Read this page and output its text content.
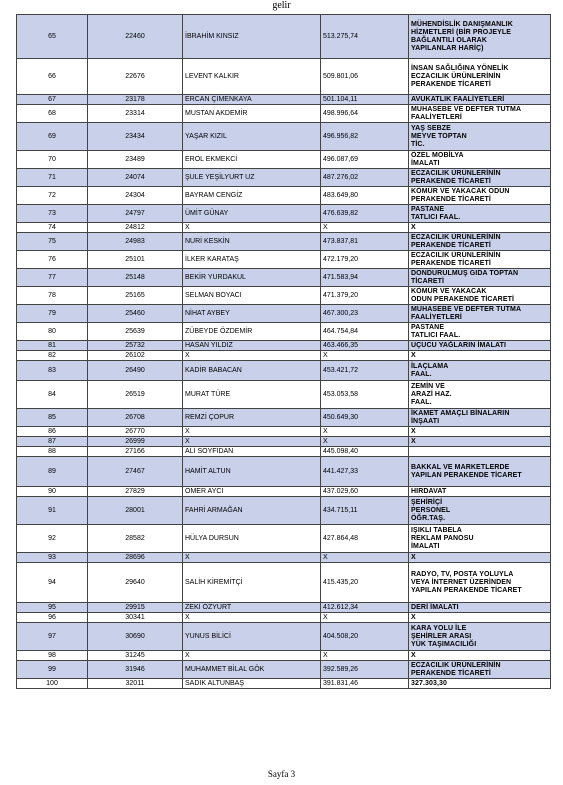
gelir
65	22460	İBRAHİM KINSIZ	513.275,74	MÜHENDİSLİK DANIŞMANLIK
HİZMETLERİ (BİR PROJEYLE
BAĞLANTILI OLARAK
YAPILANLAR HARİÇ)

66	22676	LEVENT KALKIR	509.801,06	İNSAN SAĞLIĞINA YÖNELİK
ECZACILIK ÜRÜNLERİNİN
PERAKENDE TİCARETİ

67	23178	ERCAN ÇİMENKAYA	501.104,11	AVUKATLIK FAALİYETLERİ

68	23314	MUSTAN AKDEMİR	498.996,64	MUHASEBE VE DEFTER TUTMA
FAALİYETLERİ

69	23434	YAŞAR KIZIL	496.956,82	YAŞ SEBZE
MEYVE TOPTAN
TİC.

70	23489	EROL EKMEKCİ	496.087,69	ÖZEL MOBİLYA
İMALATI

71	24074	ŞULE YEŞİLYURT UZ	487.276,02	ECZACILIK ÜRÜNLERİNİN
PERAKENDE TİCARETİ

72	24304	BAYRAM CENGİZ	483.649,80	KÖMÜR VE YAKACAK ODUN
PERAKENDE TİCARETİ

73	24797	ÜMİT GÜNAY	476.639,82	PASTANE
TATLICI FAAL.

74	24812	X	X	X

75	24983	NURİ KESKİN	473.837,81	ECZACILIK ÜRÜNLERİNİN
PERAKENDE TİCARETİ

76	25101	İLKER KARATAŞ	472.179,20	ECZACILIK ÜRÜNLERİNİN
PERAKENDE TİCARETİ

77	25148	BEKİR YURDAKUL	471.583,94	DONDURULMUŞ GIDA TOPTAN
TİCARETİ

78	25165	SELMAN BOYACI	471.379,20	KÖMÜR VE YAKACAK
ODUN PERAKENDE TİCARETİ

79	25460	NİHAT AYBEY	467.300,23	MUHASEBE VE DEFTER TUTMA
FAALİYETLERİ

80	25639	ZÜBEYDE ÖZDEMİR	464.754,84	PASTANE
TATLICI FAAL.

81	25732	HASAN YILDIZ	463.466,35	UÇUCU YAĞLARIN İMALATI

82	26102	X	X	X

83	26490	KADİR BABACAN	453.421,72	İLAÇLAMA
FAAL.

84	26519	MURAT TÜRE	453.053,58	ZEMİN VE
ARAZİ HAZ.
FAAL.

85	26708	REMZİ ÇOPUR	450.649,30	İKAMET AMAÇLI BİNALARIN
İNŞAATI

86	26770	X	X	X

87	26999	X	X	X

88	27166	ALİ SOYFİDAN	445.098,40	

89	27467	HAMİT ALTUN	441.427,33	BAKKAL VE MARKETLERDE
YAPILAN PERAKENDE TİCARET

90	27829	ÖMER AYCI	437.029,60	HIRDAVAT

91	28001	FAHRİ ARMAĞAN	434.715,11	ŞEHİRİÇİ
PERSONEL
ÖĞR.TAŞ.

92	28582	HÜLYA DURSUN	427.864,48	IŞIKLI TABELA
REKLAM PANOSU
İMALATI

93	28696	X	X	X

94	29640	SALİH KİREMİTÇİ	415.435,20	RADYO, TV, POSTA YOLUYLA
VEYA İNTERNET ÜZERİNDEN
YAPILAN PERAKENDE TİCARET

95	29915	ZEKİ ÖZYURT	412.612,34	DERİ İMALATI

96	30341	X	X	X

97	30690	YUNUS BİLİCİ	404.508,20	KARA YOLU İLE
ŞEHİRLER ARASI
YÜK TAŞIMACILIĞI

98	31245	X	X	X

99	31946	MUHAMMET BİLAL GÖK	392.589,26	ECZACILIK ÜRÜNLERİNİN
PERAKENDE TİCARETİ

100	32011	SADIK ALTUNBAŞ	391.831,46	327.303,30
Sayfa 3
